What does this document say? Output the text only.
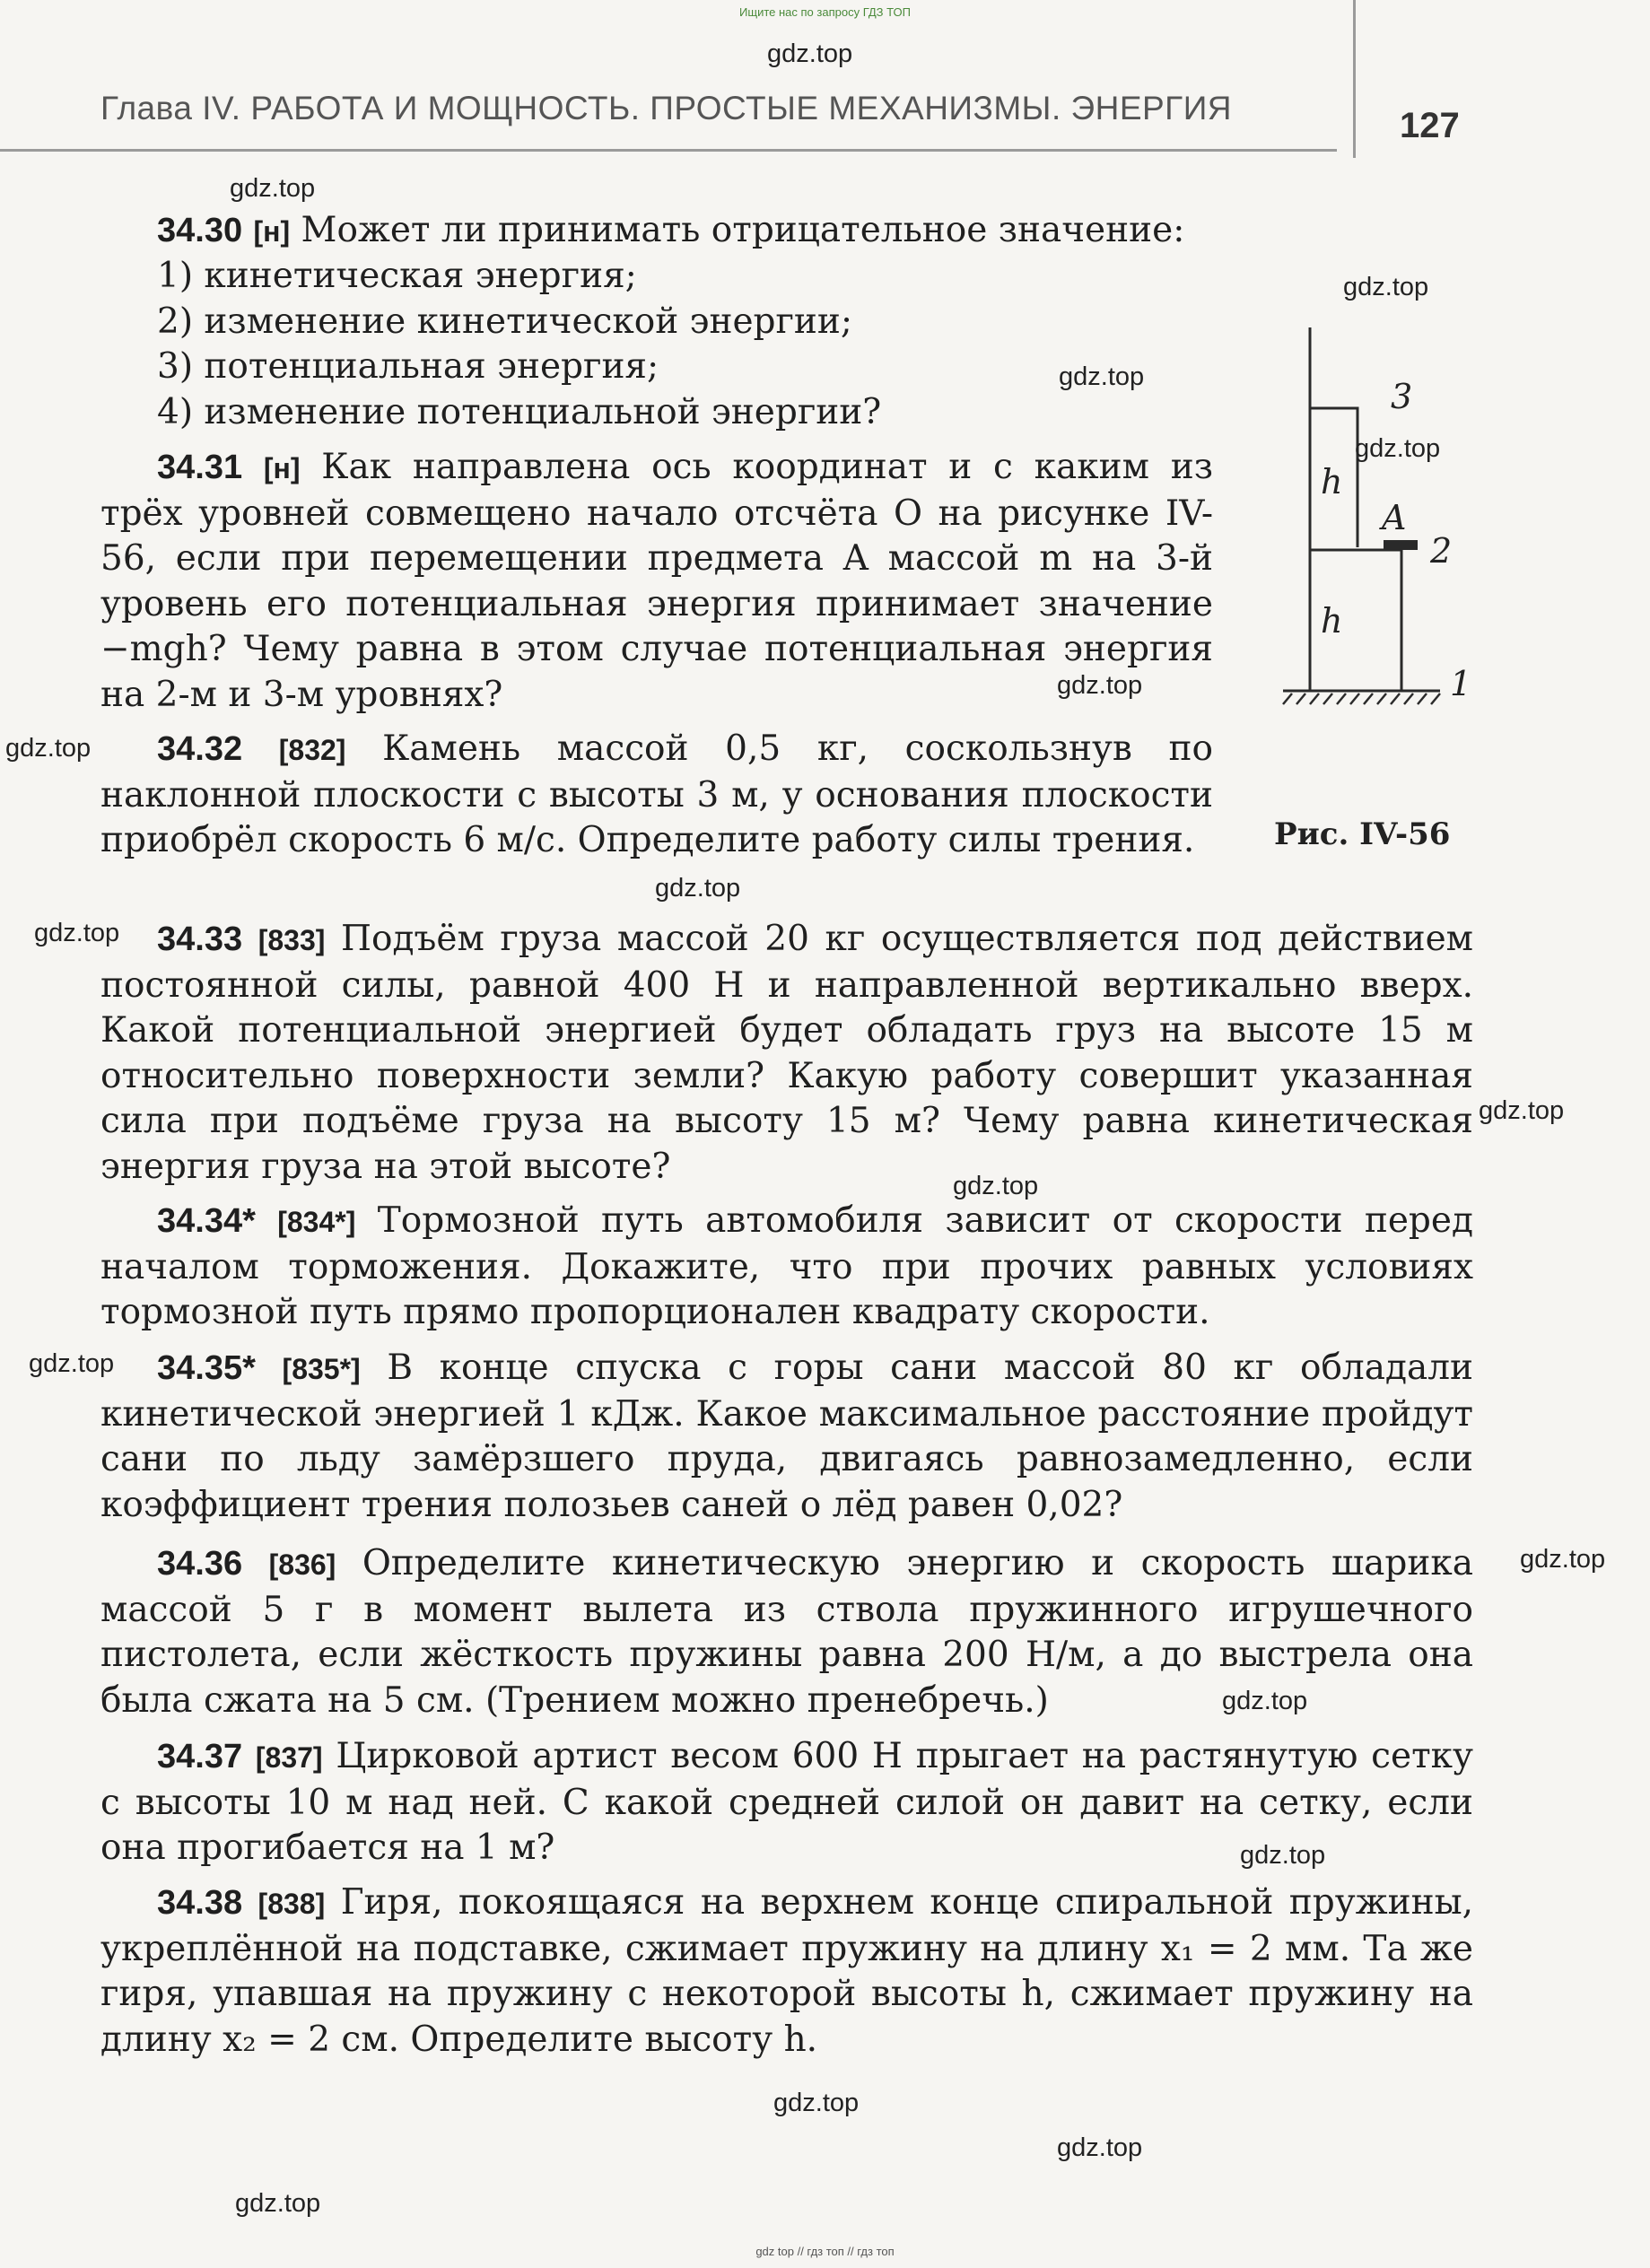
Ищите нас по запросу ГДЗ ТОП
Глава IV. РАБОТА И МОЩНОСТЬ. ПРОСТЫЕ МЕХАНИЗМЫ. ЭНЕРГИЯ	127

34.30 [н] Может ли принимать отрицательное значение:

1) кинетическая энергия;

2) изменение кинетической энергии;

3) потенциальная энергия;

4) изменение потенциальной энергии?

34.31 [н] Как направлена ось координат и с каким из трёх уровней совмещено начало отсчёта O на рисунке IV-56, если при перемещении предмета A массой m на 3-й уровень его потенциальная энергия принимает значение −mgh? Чему равна в этом случае потенциальная энергия на 2-м и 3-м уровнях?

34.32 [832] Камень массой 0,5 кг, соскользнув по наклонной плоскости с высоты 3 м, у основания плоскости приобрёл скорость 6 м/с. Определите работу силы трения.

34.33 [833] Подъём груза массой 20 кг осуществляется под действием постоянной силы, равной 400 Н и направленной вертикально вверх. Какой потенциальной энергией будет обладать груз на высоте 15 м относительно поверхности земли? Какую работу совершит указанная сила при подъёме груза на высоту 15 м? Чему равна кинетическая энергия груза на этой высоте?

34.34* [834*] Тормозной путь автомобиля зависит от скорости перед началом торможения. Докажите, что при прочих равных условиях тормозной путь прямо пропорционален квадрату скорости.

34.35* [835*] В конце спуска с горы сани массой 80 кг обладали кинетической энергией 1 кДж. Какое максимальное расстояние пройдут сани по льду замёрзшего пруда, двигаясь равнозамедленно, если коэффициент трения полозьев саней о лёд равен 0,02?

34.36 [836] Определите кинетическую энергию и скорость шарика массой 5 г в момент вылета из ствола пружинного игрушечного пистолета, если жёсткость пружины равна 200 Н/м, а до выстрела она была сжата на 5 см. (Трением можно пренебречь.)

34.37 [837] Цирковой артист весом 600 Н прыгает на растянутую сетку с высоты 10 м над ней. С какой средней силой он давит на сетку, если она прогибается на 1 м?

34.38 [838] Гиря, покоящаяся на верхнем конце спиральной пружины, укреплённой на подставке, сжимает пружину на длину x₁ = 2 мм. Та же гиря, упавшая на пружину с некоторой высоты h, сжимает пружину на длину x₂ = 2 см. Определите высоту h.

h
h
A
3
2
1
Рис. IV-56
gdz.top
gdz.top
gdz.top
gdz.top
gdz.top
gdz.top
gdz.top
gdz.top
gdz.top
gdz.top
gdz.top
gdz.top
gdz.top
gdz.top
gdz.top
gdz.top
gdz.top
gdz.top
gdz top // гдз топ // гдз топ
